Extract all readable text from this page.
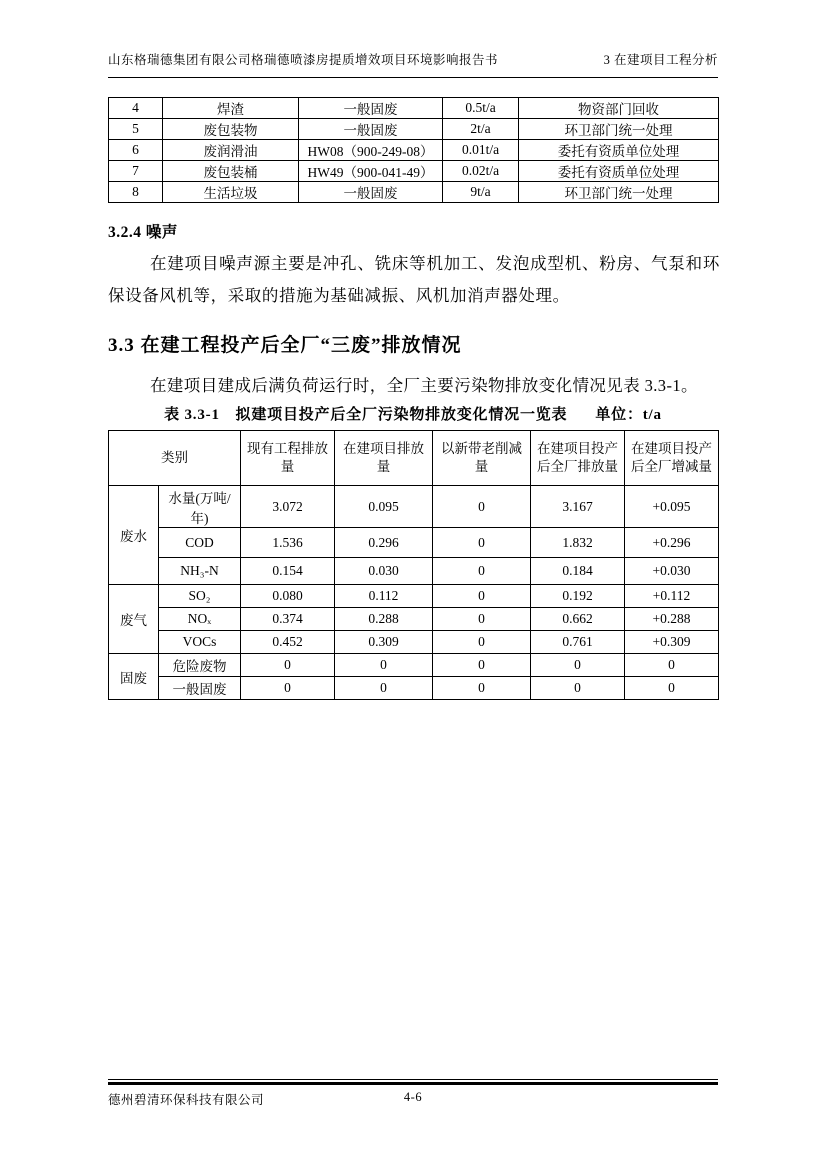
山东格瑞德集团有限公司格瑞德喷漆房提质增效项目环境影响报告书	3 在建项目工程分析
4	焊渣	一般固废	0.5t/a	物资部门回收
5	废包装物	一般固废	2t/a	环卫部门统一处理
6	废润滑油	HW08（900-249-08）	0.01t/a	委托有资质单位处理
7	废包装桶	HW49（900-041-49）	0.02t/a	委托有资质单位处理
8	生活垃圾	一般固废	9t/a	环卫部门统一处理
3.2.4 噪声
在建项目噪声源主要是冲孔、铣床等机加工、发泡成型机、粉房、气泵和环保设备风机等，采取的措施为基础减振、风机加消声器处理。
3.3 在建工程投产后全厂“三废”排放情况
在建项目建成后满负荷运行时，全厂主要污染物排放变化情况见表 3.3-1。
表 3.3-1　拟建项目投产后全厂污染物排放变化情况一览表 单位：t/a
类别		现有工程排放量	在建项目排放量	以新带老削减量	在建项目投产后全厂排放量	在建项目投产后全厂增减量
废水	水量(万吨/年)	3.072	0.095	0	3.167	+0.095
	COD	1.536	0.296	0	1.832	+0.296
	NH₃-N	0.154	0.030	0	0.184	+0.030
废气	SO₂	0.080	0.112	0	0.192	+0.112
	NOₓ	0.374	0.288	0	0.662	+0.288
	VOCs	0.452	0.309	0	0.761	+0.309
固废	危险废物	0	0	0	0	0
	一般固废	0	0	0	0	0
4-6
德州碧清环保科技有限公司
